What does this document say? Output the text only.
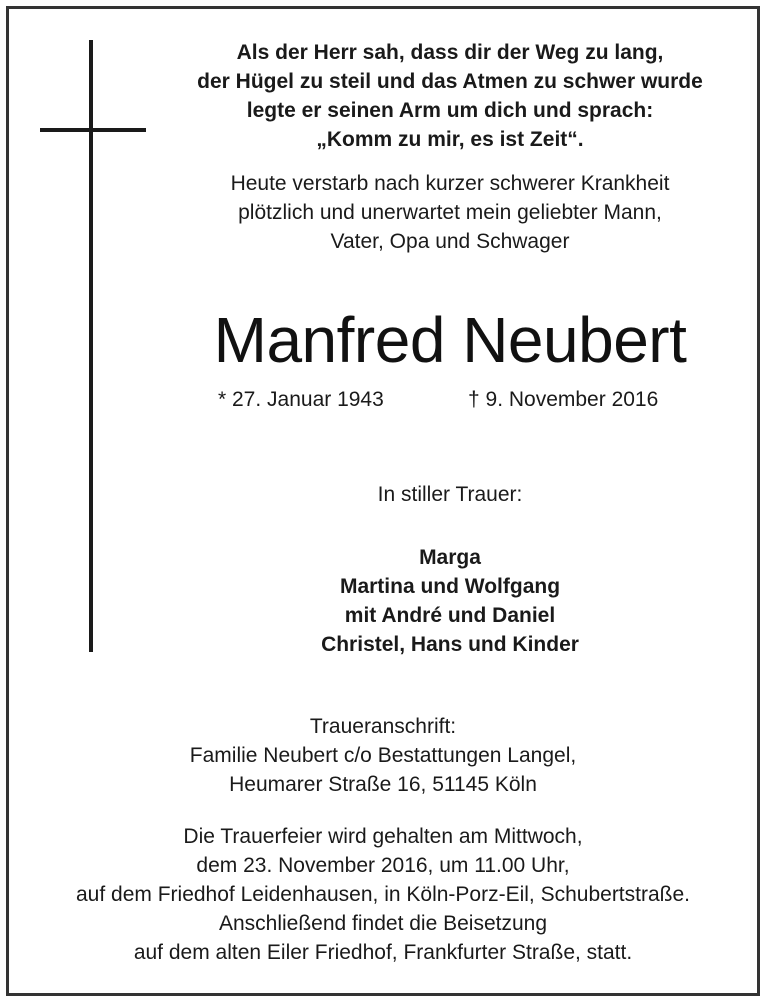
Als der Herr sah, dass dir der Weg zu lang,
der Hügel zu steil und das Atmen zu schwer wurde
legte er seinen Arm um dich und sprach:
„Komm zu mir, es ist Zeit“.
Heute verstarb nach kurzer schwerer Krankheit
plötzlich und unerwartet mein geliebter Mann,
Vater, Opa und Schwager
Manfred Neubert
* 27. Januar 1943	† 9. November 2016
In stiller Trauer:
Marga
Martina und Wolfgang
mit André und Daniel
Christel, Hans und Kinder
Traueranschrift:
Familie Neubert c/o Bestattungen Langel,
Heumarer Straße 16, 51145 Köln
Die Trauerfeier wird gehalten am Mittwoch,
dem 23. November 2016, um 11.00 Uhr,
auf dem Friedhof Leidenhausen, in Köln-Porz-Eil, Schubertstraße.
Anschließend findet die Beisetzung
auf dem alten Eiler Friedhof, Frankfurter Straße, statt.
